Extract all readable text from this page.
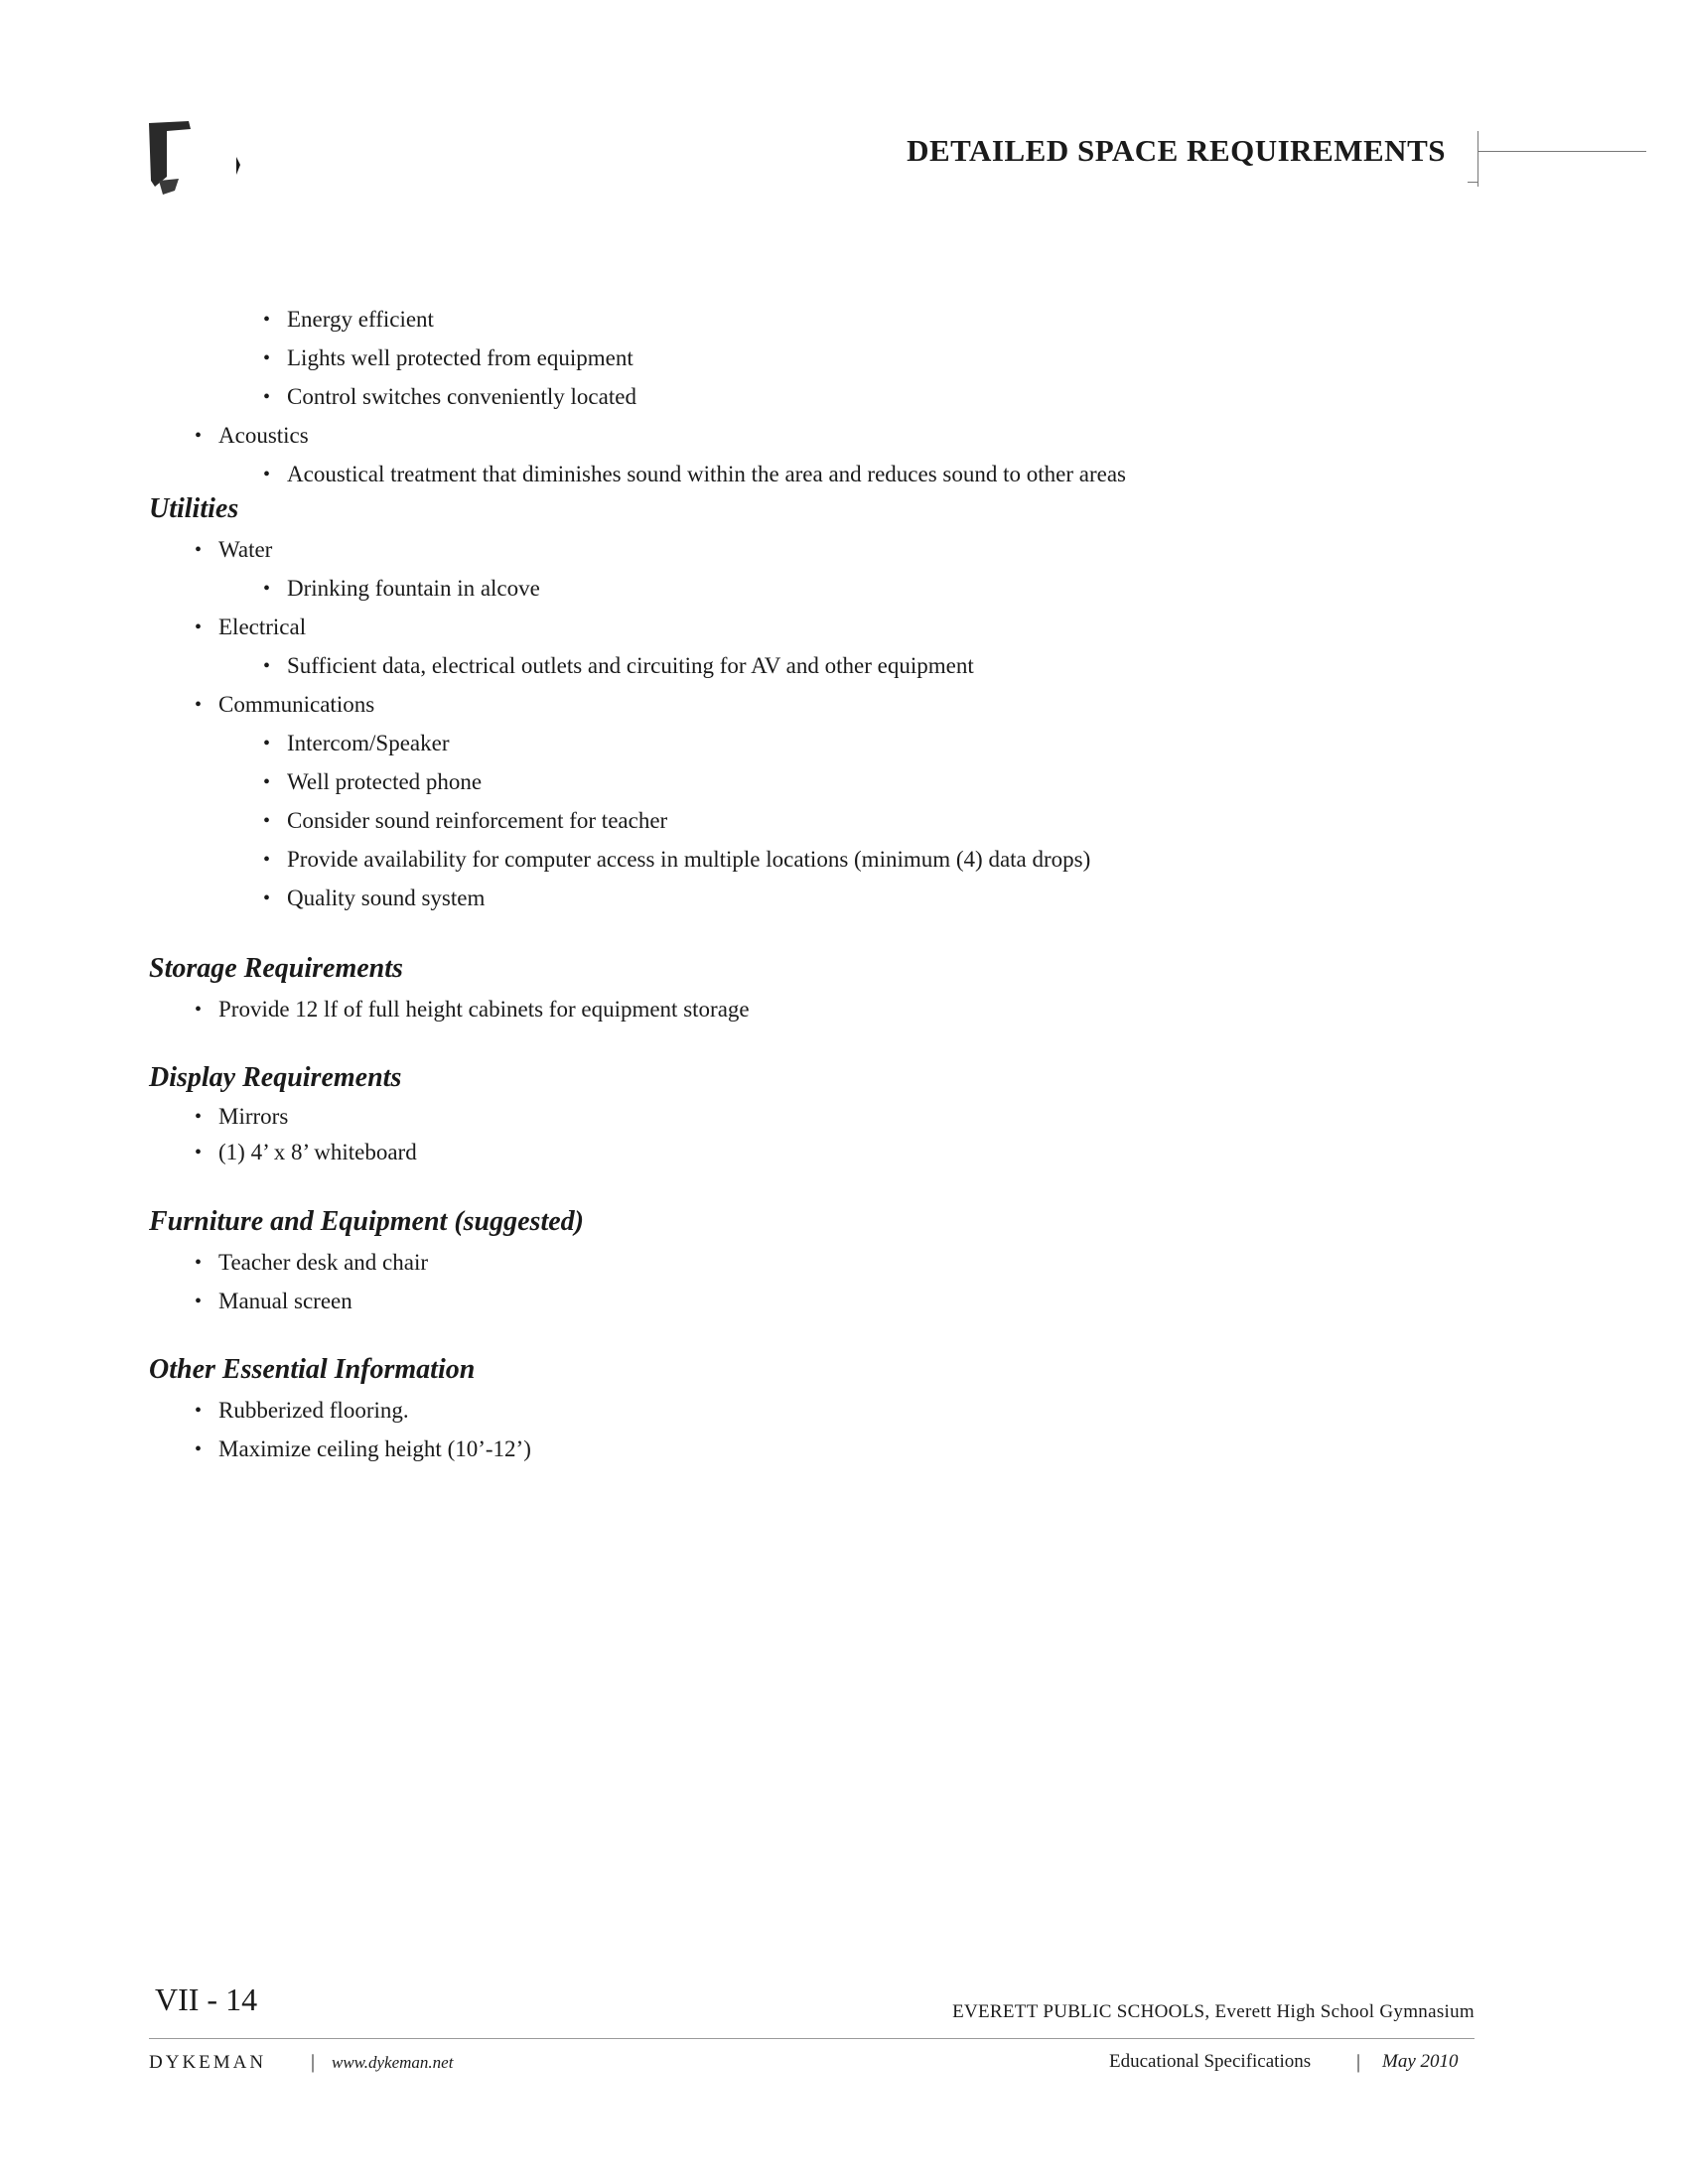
DETAILED SPACE REQUIREMENTS
• Energy efficient
• Lights well protected from equipment
• Control switches conveniently located
• Acoustics
• Acoustical treatment that diminishes sound within the area and reduces sound to other areas
Utilities
• Water
• Drinking fountain in alcove
• Electrical
• Sufficient data, electrical outlets and circuiting for AV and other equipment
• Communications
• Intercom/Speaker
• Well protected phone
• Consider sound reinforcement for teacher
• Provide availability for computer access in multiple locations (minimum (4) data drops)
• Quality sound system
Storage Requirements
• Provide 12 lf of full height cabinets for equipment storage
Display Requirements
• Mirrors
• (1) 4’ x 8’ whiteboard
Furniture and Equipment (suggested)
• Teacher desk and chair
• Manual screen
Other Essential Information
• Rubberized flooring.
• Maximize ceiling height (10’-12’)
VII - 14	EVERETT PUBLIC SCHOOLS, Everett High School Gymnasium
DYKEMAN | www.dykeman.net	Educational Specifications | May 2010
